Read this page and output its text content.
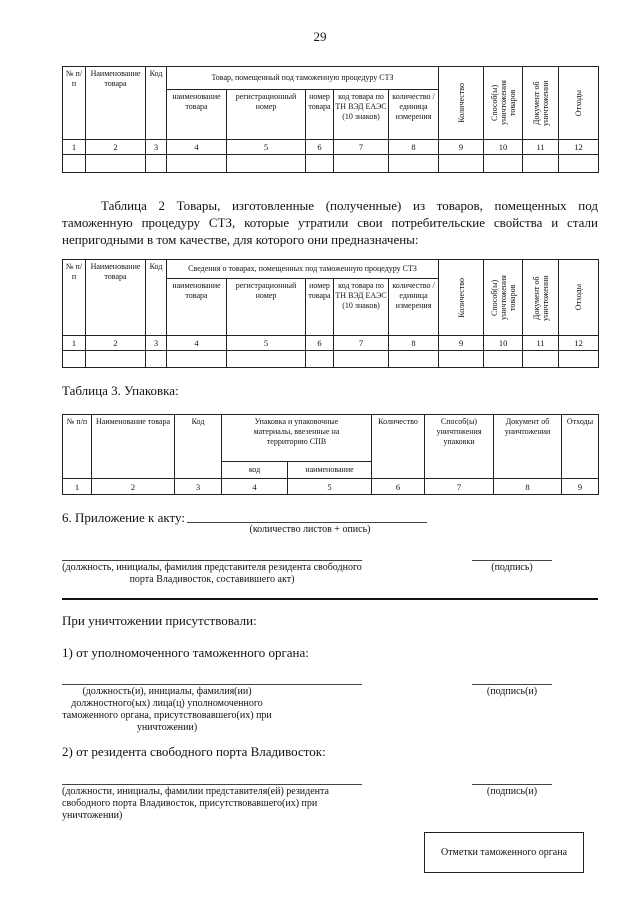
29
№ п/п	Наименование товара	Код	Товар, помещенный под таможенную процедуру СТЗ					Количество	Способ(ы) уничтожения товаров	Документ об уничтожении	Отходы

			наименование товара	регистрационный номер	номер товара	код товара по ТН ВЭД ЕАЭС (10 знаков)	количество / единица измерения				
1	2	3	4	5	6	7	8	9	10	11	12

Таблица 2 Товары, изготовленные (полученные) из товаров, помещенных под таможенную процедуру СТЗ, которые утратили свои потребительские свойства и стали непригодными в том качестве, для которого они предназначены:
№ п/п	Наименование товара	Код	Сведения о товарах, помещенных под таможенную процедуру СТЗ					Количество	Способ(ы) уничтожения товаров	Документ об уничтожении	Отходы

			наименование товара	регистрационный номер	номер товара	код товара по ТН ВЭД ЕАЭС (10 знаков)	количество / единица измерения				
1	2	3	4	5	6	7	8	9	10	11	12

Таблица 3. Упаковка:
№ п/п	Наименование товара	Код	Упаковка и упаковочные материалы, ввезенные на территорию СПВ		Количество	Способ(ы) уничтожения упаковки	Документ об уничтожении	Отходы
			код	наименование				
1	2	3	4	5	6	7	8	9
6. Приложение к акту:
(количество листов + опись)
(должность, инициалы, фамилия представителя резидента свободного порта Владивосток, составившего акт)
(подпись)
При уничтожении присутствовали:
1) от уполномоченного таможенного органа:
(должность(и), инициалы, фамилия(ии) должностного(ых) лица(ц) уполномоченного таможенного органа, присутствовавшего(их) при уничтожении)
(подпись(и)
2) от резидента свободного порта Владивосток:
(должности, инициалы, фамилии представителя(ей) резидента свободного порта Владивосток, присутствовавшего(их) при уничтожении)
(подпись(и)
Отметки таможенного органа
